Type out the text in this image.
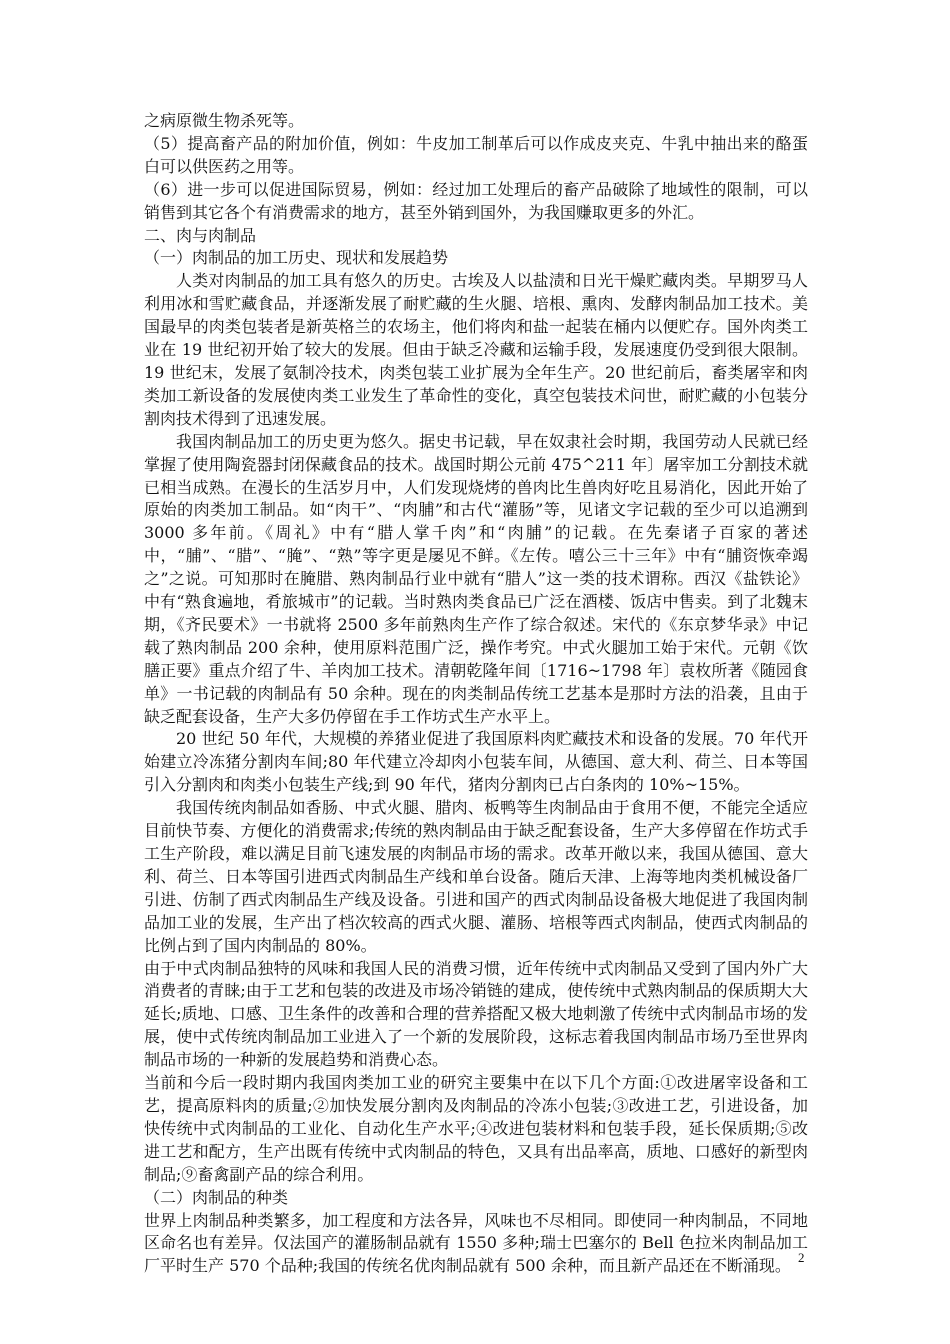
之病原微生物杀死等。

（5）提高畜产品的附加价值，例如：牛皮加工制革后可以作成皮夹克、牛乳中抽出来的酪蛋白可以供医药之用等。

（6）进一步可以促进国际贸易，例如：经过加工处理后的畜产品破除了地域性的限制，可以销售到其它各个有消费需求的地方，甚至外销到国外，为我国赚取更多的外汇。

二、肉与肉制品

（一）肉制品的加工历史、现状和发展趋势

人类对肉制品的加工具有悠久的历史。古埃及人以盐渍和日光干燥贮藏肉类。早期罗马人利用冰和雪贮藏食品，并逐渐发展了耐贮藏的生火腿、培根、熏肉、发酵肉制品加工技术。美国最早的肉类包装者是新英格兰的农场主，他们将肉和盐一起装在桶内以便贮存。国外肉类工业在 19 世纪初开始了较大的发展。但由于缺乏冷藏和运输手段，发展速度仍受到很大限制。19 世纪末，发展了氨制冷技术，肉类包装工业扩展为全年生产。20 世纪前后，畜类屠宰和肉类加工新设备的发展使肉类工业发生了革命性的变化，真空包装技术问世，耐贮藏的小包装分割肉技术得到了迅速发展。

我国肉制品加工的历史更为悠久。据史书记载，早在奴隶社会时期，我国劳动人民就已经掌握了使用陶瓷器封闭保藏食品的技术。战国时期公元前 475^211 年〕屠宰加工分割技术就已相当成熟。在漫长的生活岁月中，人们发现烧烤的兽肉比生兽肉好吃且易消化，因此开始了原始的肉类加工制品。如“肉干”、“肉脯”和古代“灌肠”等，见诸文字记载的至少可以追溯到 3000 多年前。《周礼》中有“腊人掌千肉”和“肉脯”的记载。在先秦诸子百家的著述中，“脯”、“腊”、“腌”、“熟”等字更是屡见不鲜。《左传。嘻公三十三年》中有“脯资恢牵竭之”之说。可知那时在腌腊、熟肉制品行业中就有“腊人”这一类的技术谓称。西汉《盐铁论》中有“熟食遍地，肴旅城市”的记载。当时熟肉类食品已广泛在酒楼、饭店中售卖。到了北魏末期，《齐民要术》一书就将 2500 多年前熟肉生产作了综合叙述。宋代的《东京梦华录》中记载了熟肉制品 200 余种，使用原料范围广泛，操作考究。中式火腿加工始于宋代。元朝《饮膳正要》重点介绍了牛、羊肉加工技术。清朝乾隆年间〔1716~1798 年〕袁枚所著《随园食单》一书记载的肉制品有 50 余种。现在的肉类制品传统工艺基本是那时方法的沿袭，且由于缺乏配套设备，生产大多仍停留在手工作坊式生产水平上。

20 世纪 50 年代，大规模的养猪业促进了我国原料肉贮藏技术和设备的发展。70 年代开始建立冷冻猪分割肉车间;80 年代建立冷却肉小包装车间，从德国、意大利、荷兰、日本等国引入分割肉和肉类小包装生产线;到 90 年代，猪肉分割肉已占白条肉的 10%~15%。

我国传统肉制品如香肠、中式火腿、腊肉、板鸭等生肉制品由于食用不便，不能完全适应目前快节奏、方便化的消费需求;传统的熟肉制品由于缺乏配套设备，生产大多停留在作坊式手工生产阶段，难以满足目前飞速发展的肉制品市场的需求。改革开敞以来，我国从德国、意大利、荷兰、日本等国引进西式肉制品生产线和单台设备。随后天津、上海等地肉类机械设备厂引进、仿制了西式肉制品生产线及设备。引进和国产的西式肉制品设备极大地促进了我国肉制品加工业的发展，生产出了档次较高的西式火腿、灌肠、培根等西式肉制品，使西式肉制品的比例占到了国内肉制品的 80%。

由于中式肉制品独特的风味和我国人民的消费习惯，近年传统中式肉制品又受到了国内外广大消费者的青睐;由于工艺和包装的改进及市场冷销链的建成，使传统中式熟肉制品的保质期大大延长;质地、口感、卫生条件的改善和合理的营养搭配又极大地刺激了传统中式肉制品市场的发展，使中式传统肉制品加工业进入了一个新的发展阶段，这标志着我国肉制品市场乃至世界肉制品市场的一种新的发展趋势和消费心态。

当前和今后一段时期内我国肉类加工业的研究主要集中在以下几个方面:①改进屠宰设备和工艺，提高原料肉的质量;②加快发展分割肉及肉制品的冷冻小包装;③改进工艺，引进设备，加快传统中式肉制品的工业化、自动化生产水平;④改进包装材料和包装手段，延长保质期;⑤改进工艺和配方，生产出既有传统中式肉制品的特色，又具有出品率高，质地、口感好的新型肉制品;⑨畜禽副产品的综合利用。

（二）肉制品的种类

世界上肉制品种类繁多，加工程度和方法各异，风味也不尽相同。即使同一种肉制品，不同地区命名也有差异。仅法国产的灌肠制品就有 1550 多种;瑞士巴塞尔的 Bell 色拉米肉制品加工厂平时生产 570 个品种;我国的传统名优肉制品就有 500 余种，而且新产品还在不断涌现。 2
